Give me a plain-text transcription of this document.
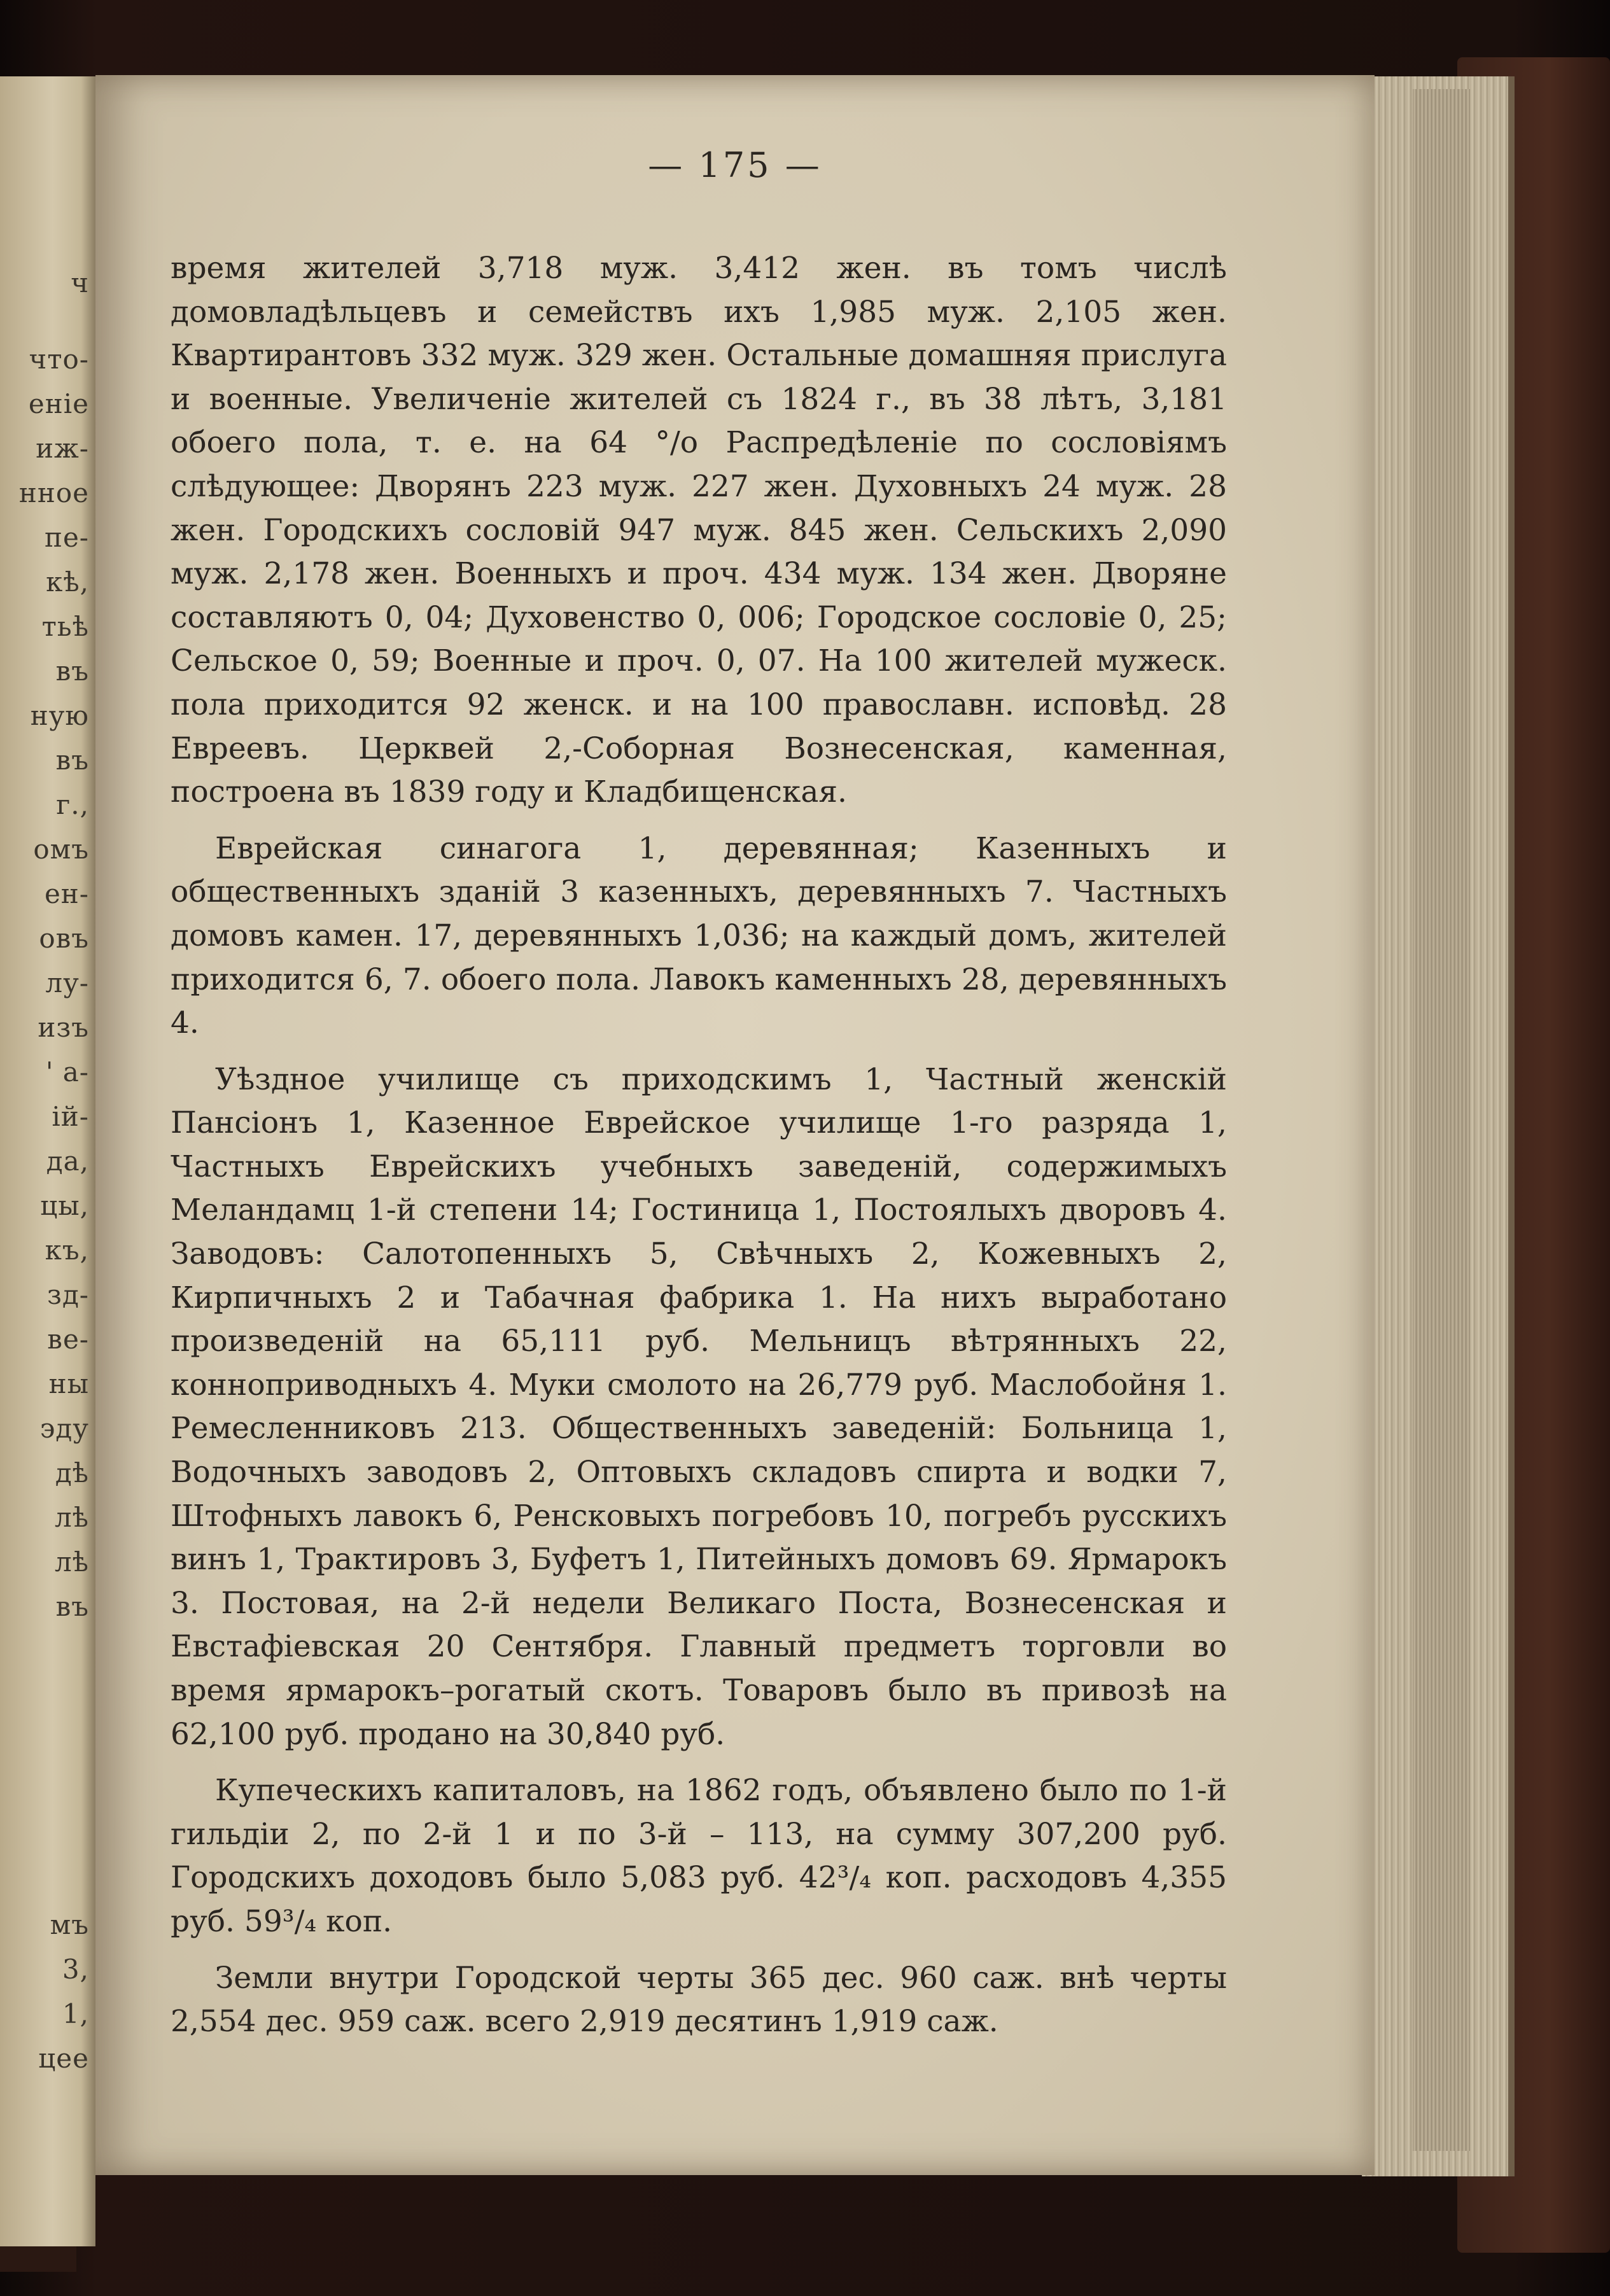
ч
что-
еніе
иж-
нное
пе-
кѣ,
тьѣ
въ
ную
въ
г.,
омъ
ен-
овъ
лу-
изъ
' а-
ій-
да,
цы,
къ,
зд-
ве-
ны
эду
дѣ
лѣ
лѣ
въ
мъ
3,
1,
цее
— 175 —

время жителей 3,718 муж. 3,412 жен. въ томъ числѣ домовладѣльцевъ и семействъ ихъ 1,985 муж. 2,105 жен. Квартирантовъ 332 муж. 329 жен. Остальные домашняя прислуга и военные. Увеличеніе жителей съ 1824 г., въ 38 лѣтъ, 3,181 обоего пола, т. е. на 64 °/о Распредѣленіе по сословіямъ слѣдующее: Дворянъ 223 муж. 227 жен. Духовныхъ 24 муж. 28 жен. Городскихъ сословій 947 муж. 845 жен. Сельскихъ 2,090 муж. 2,178 жен. Военныхъ и проч. 434 муж. 134 жен. Дворяне составляютъ 0, 04; Духовенство 0, 006; Городское сословіе 0, 25; Сельское 0, 59; Военные и проч. 0, 07. На 100 жителей мужеск. пола приходится 92 женск. и на 100 православн. исповѣд. 28 Евреевъ. Церквей 2,-Соборная Вознесенская, каменная, построена въ 1839 году и Кладбищенская.

Еврейская синагога 1, деревянная; Казенныхъ и общественныхъ зданій 3 казенныхъ, деревянныхъ 7. Частныхъ домовъ камен. 17, деревянныхъ 1,036; на каждый домъ, жителей приходится 6, 7. обоего пола. Лавокъ каменныхъ 28, деревянныхъ 4.

Уѣздное училище съ приходскимъ 1, Частный женскій Пансіонъ 1, Казенное Еврейское училище 1-го разряда 1, Частныхъ Еврейскихъ учебныхъ заведеній, содержимыхъ Меландамц 1-й степени 14; Гостиница 1, Постоялыхъ дворовъ 4. Заводовъ: Салотопенныхъ 5, Свѣчныхъ 2, Кожевныхъ 2, Кирпичныхъ 2 и Табачная фабрика 1. На нихъ выработано произведеній на 65,111 руб. Мельницъ вѣтрянныхъ 22, конноприводныхъ 4. Муки смолото на 26,779 руб. Маслобойня 1. Ремесленниковъ 213. Общественныхъ заведеній: Больница 1, Водочныхъ заводовъ 2, Оптовыхъ складовъ спирта и водки 7, Штофныхъ лавокъ 6, Ренсковыхъ погребовъ 10, погребъ русскихъ винъ 1, Трактировъ 3, Буфетъ 1, Питейныхъ домовъ 69. Ярмарокъ 3. Постовая, на 2-й недели Великаго Поста, Вознесенская и Евстафіевская 20 Сентября. Главный предметъ торговли во время ярмарокъ–рогатый скотъ. Товаровъ было въ привозѣ на 62,100 руб. продано на 30,840 руб.

Купеческихъ капиталовъ, на 1862 годъ, объявлено было по 1-й гильдіи 2, по 2-й 1 и по 3-й – 113, на сумму 307,200 руб. Городскихъ доходовъ было 5,083 руб. 42³/₄ коп. расходовъ 4,355 руб. 59³/₄ коп.

Земли внутри Городской черты 365 дес. 960 саж. внѣ черты 2,554 дес. 959 саж. всего 2,919 десятинъ 1,919 саж.
